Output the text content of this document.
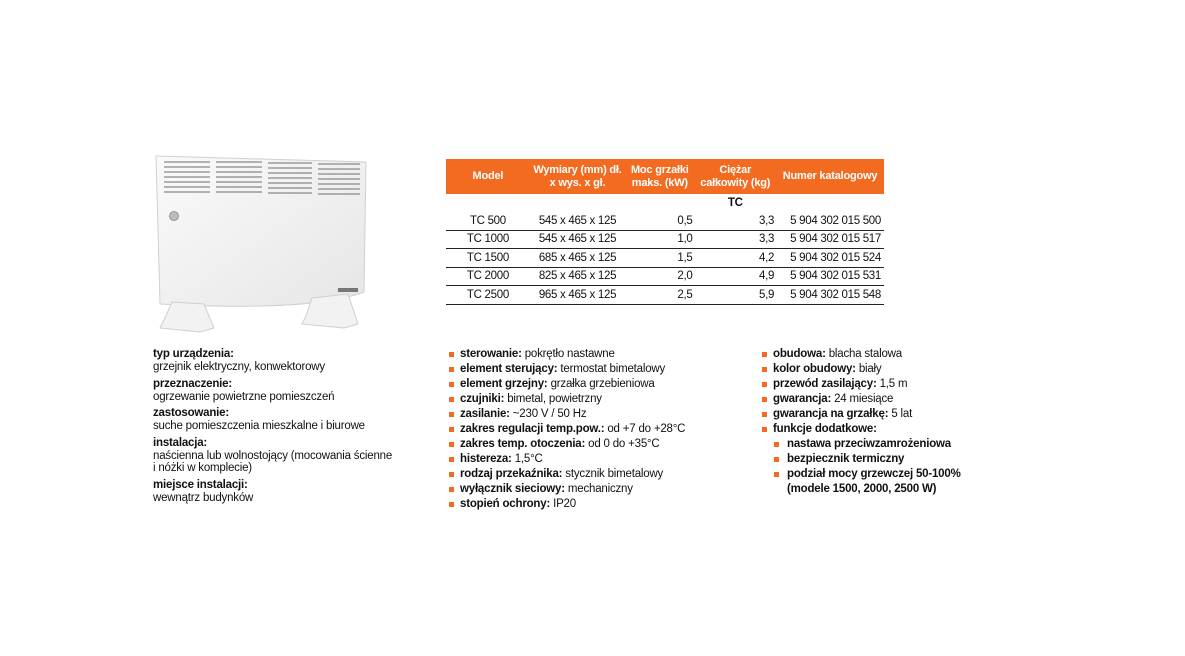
Model	Wymiary (mm) dł. x wys. x gł.	Moc grzałki maks. (kW)	Ciężar całkowity (kg)	Numer katalogowy
			TC	
TC 500	545 x 465 x 125	0,5	3,3	5 904 302 015 500
TC 1000	545 x 465 x 125	1,0	3,3	5 904 302 015 517
TC 1500	685 x 465 x 125	1,5	4,2	5 904 302 015 524
TC 2000	825 x 465 x 125	2,0	4,9	5 904 302 015 531
TC 2500	965 x 465 x 125	2,5	5,9	5 904 302 015 548
typ urządzenia:
grzejnik elektryczny, konwektorowy
przeznaczenie:
ogrzewanie powietrzne pomieszczeń
zastosowanie:
suche pomieszczenia mieszkalne i biurowe
instalacja:
naścienna lub wolnostojący (mocowania ścienne i nóżki w komplecie)
miejsce instalacji:
wewnątrz budynków
sterowanie: pokrętło nastawne
element sterujący: termostat bimetalowy
element grzejny: grzałka grzebieniowa
czujniki: bimetal, powietrzny
zasilanie: ~230 V / 50 Hz
zakres regulacji temp.pow.: od +7 do +28°C
zakres temp. otoczenia: od 0 do +35°C
histereza: 1,5°C
rodzaj przekaźnika: stycznik bimetalowy
wyłącznik sieciowy: mechaniczny
stopień ochrony: IP20
obudowa: blacha stalowa
kolor obudowy: biały
przewód zasilający: 1,5 m
gwarancja: 24 miesiące
gwarancja na grzałkę: 5 lat
funkcje dodatkowe:
nastawa przeciwzamrożeniowa
bezpiecznik termiczny
podział mocy grzewczej 50-100%
(modele 1500, 2000, 2500 W)
